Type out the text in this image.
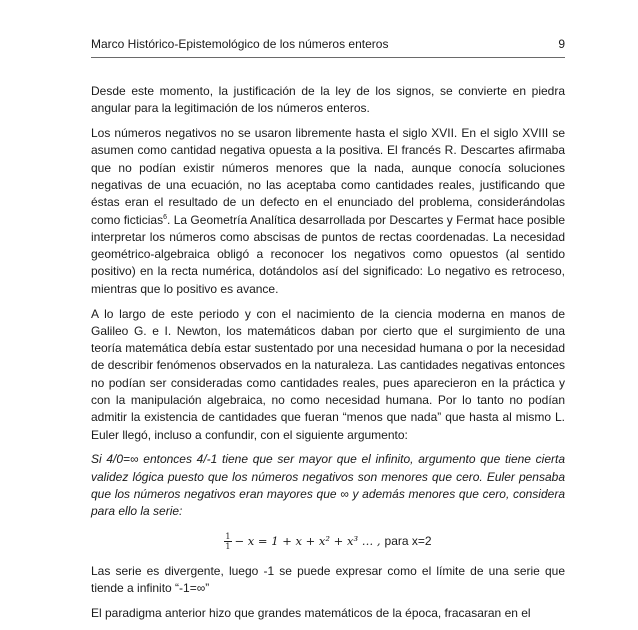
Marco Histórico-Epistemológico de los números enteros	9

Desde este momento, la justificación de la ley de los signos, se convierte en piedra angular para la legitimación de los números enteros.

Los números negativos no se usaron libremente hasta el siglo XVII. En el siglo XVIII se asumen como cantidad negativa opuesta a la positiva. El francés R. Descartes afirmaba que no podían existir números menores que la nada, aunque conocía soluciones negativas de una ecuación, no las aceptaba como cantidades reales, justificando que éstas eran el resultado de un defecto en el enunciado del problema, considerándolas como ficticias$^6$. La Geometría Analítica desarrollada por Descartes y Fermat hace posible interpretar los números como abscisas de puntos de rectas coordenadas. La necesidad geométrico-algebraica obligó a reconocer los negativos como opuestos (al sentido positivo) en la recta numérica, dotándolos así del significado: Lo negativo es retroceso, mientras que lo positivo es avance.

A lo largo de este periodo y con el nacimiento de la ciencia moderna en manos de Galileo G. e I. Newton, los matemáticos daban por cierto que el surgimiento de una teoría matemática debía estar sustentado por una necesidad humana o por la necesidad de describir fenómenos observados en la naturaleza. Las cantidades negativas entonces no podían ser consideradas como cantidades reales, pues aparecieron en la práctica y con la manipulación algebraica, no como necesidad humana. Por lo tanto no podían admitir la existencia de cantidades que fueran “menos que nada” que hasta al mismo L. Euler llegó, incluso a confundir, con el siguiente argumento:

Si 4/0=∞ entonces 4/-1 tiene que ser mayor que el infinito, argumento que tiene cierta validez lógica puesto que los números negativos son menores que cero. Euler pensaba que los números negativos eran mayores que ∞ y además menores que cero, considera para ello la serie:

$\frac{1}{1} - x = 1 + x + x^2 + x^3$ … , para x=2

Las serie es divergente, luego -1 se puede expresar como el límite de una serie que tiende a infinito “-1=∞”

El paradigma anterior hizo que grandes matemáticos de la época, fracasaran en el
